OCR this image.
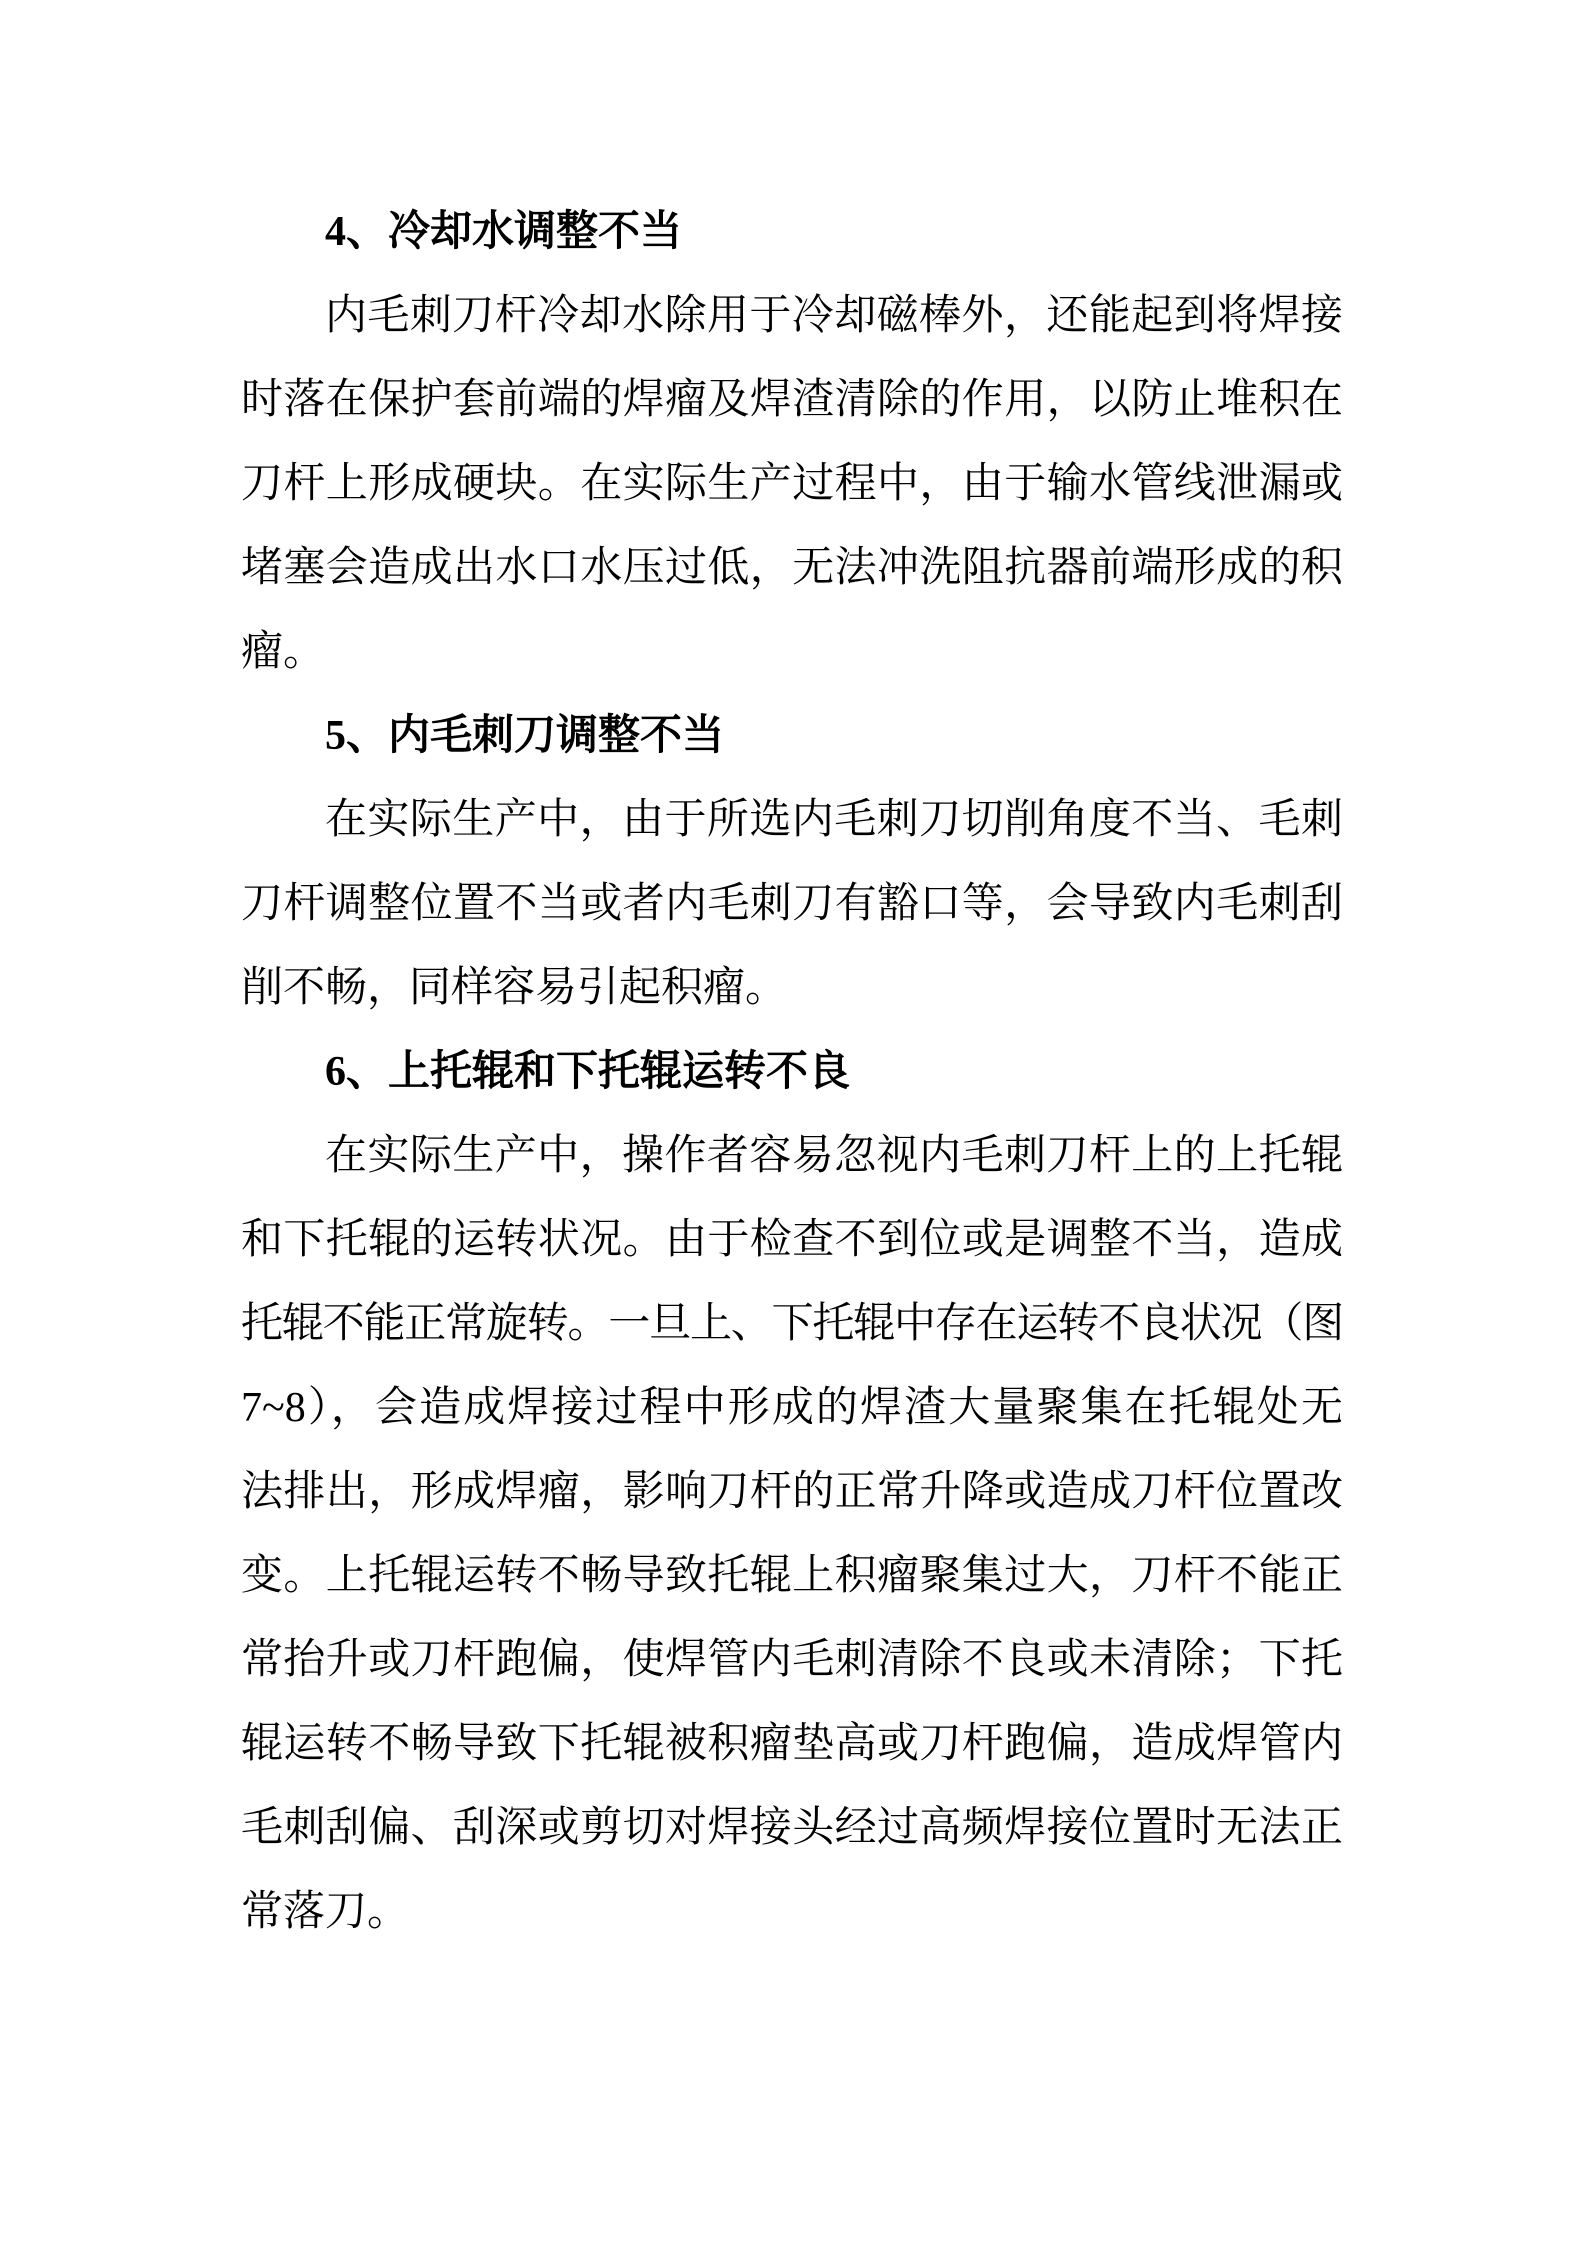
4、冷却水调整不当
内毛刺刀杆冷却水除用于冷却磁棒外，还能起到将焊接
时落在保护套前端的焊瘤及焊渣清除的作用，以防止堆积在
刀杆上形成硬块。在实际生产过程中，由于输水管线泄漏或
堵塞会造成出水口水压过低，无法冲洗阻抗器前端形成的积
瘤。
5、内毛刺刀调整不当
在实际生产中，由于所选内毛刺刀切削角度不当、毛刺
刀杆调整位置不当或者内毛刺刀有豁口等，会导致内毛刺刮
削不畅，同样容易引起积瘤。
6、上托辊和下托辊运转不良
在实际生产中，操作者容易忽视内毛刺刀杆上的上托辊
和下托辊的运转状况。由于检查不到位或是调整不当，造成
托辊不能正常旋转。一旦上、下托辊中存在运转不良状况（图
7~8），会造成焊接过程中形成的焊渣大量聚集在托辊处无
法排出，形成焊瘤，影响刀杆的正常升降或造成刀杆位置改
变。上托辊运转不畅导致托辊上积瘤聚集过大，刀杆不能正
常抬升或刀杆跑偏，使焊管内毛刺清除不良或未清除；下托
辊运转不畅导致下托辊被积瘤垫高或刀杆跑偏，造成焊管内
毛刺刮偏、刮深或剪切对焊接头经过高频焊接位置时无法正
常落刀。
